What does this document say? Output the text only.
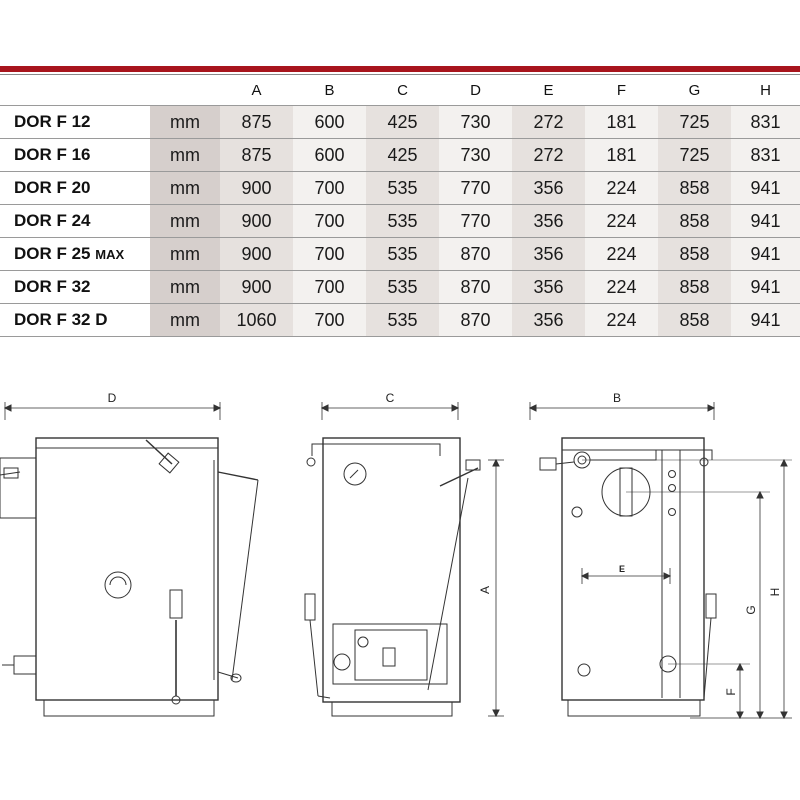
		A	B	C	D	E	F	G	H
DOR F 12	mm	875	600	425	730	272	181	725	831
DOR F 16	mm	875	600	425	730	272	181	725	831
DOR F 20	mm	900	700	535	770	356	224	858	941
DOR F 24	mm	900	700	535	770	356	224	858	941
DOR F 25 MAX	mm	900	700	535	870	356	224	858	941
DOR F 32	mm	900	700	535	870	356	224	858	941
DOR F 32 D	mm	1060	700	535	870	356	224	858	941
D	C	B
A
E
F
G
H
